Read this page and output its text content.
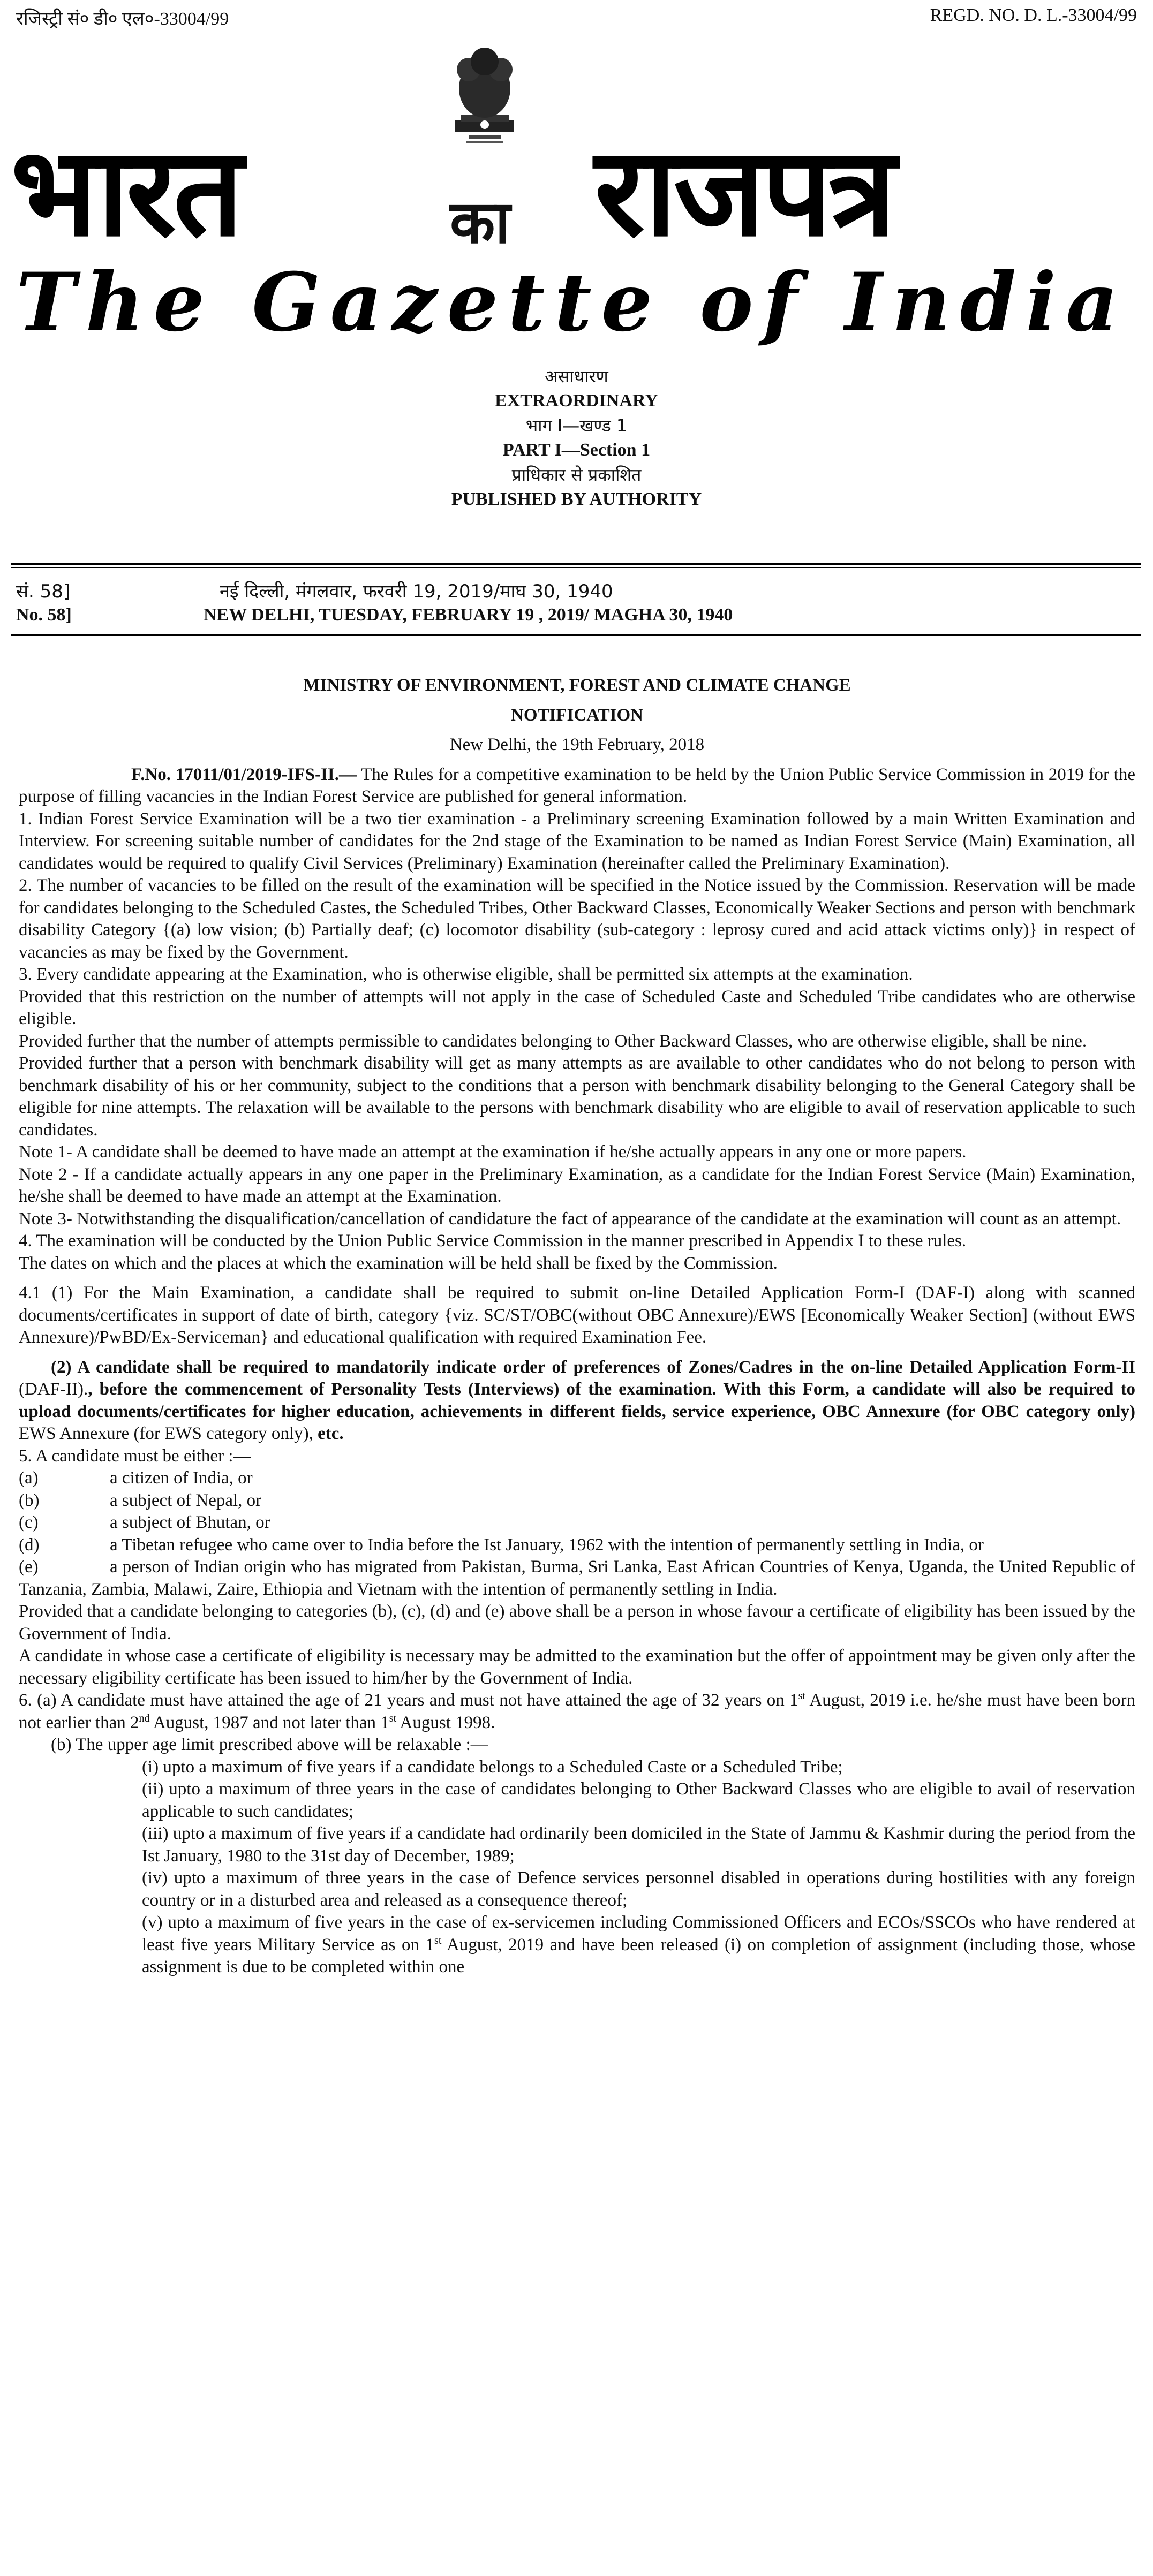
रजिस्ट्री सं० डी० एल०-33004/99	REGD. NO. D. L.-33004/99
भारत	का राजपत्र
The Gazette of India
असाधारण
EXTRAORDINARY
भाग I—खण्ड 1
PART I—Section 1
प्राधिकार से प्रकाशित
PUBLISHED BY AUTHORITY
सं. 58]	नई दिल्ली, मंगलवार, फरवरी 19, 2019/माघ 30, 1940
No. 58]	NEW DELHI, TUESDAY, FEBRUARY 19 , 2019/ MAGHA 30, 1940

MINISTRY OF ENVIRONMENT, FOREST AND CLIMATE CHANGE

NOTIFICATION

New Delhi, the 19th February, 2018

F.No. 17011/01/2019-IFS-II.— The Rules for a competitive examination to be held by the Union Public Service Commission in 2019 for the purpose of filling vacancies in the Indian Forest Service are published for general information.

1. Indian Forest Service Examination will be a two tier examination - a Preliminary screening Examination followed by a main Written Examination and Interview. For screening suitable number of candidates for the 2nd stage of the Examination to be named as Indian Forest Service (Main) Examination, all candidates would be required to qualify Civil Services (Preliminary) Examination (hereinafter called the Preliminary Examination).

2. The number of vacancies to be filled on the result of the examination will be specified in the Notice issued by the Commission. Reservation will be made for candidates belonging to the Scheduled Castes, the Scheduled Tribes, Other Backward Classes, Economically Weaker Sections and person with benchmark disability Category {(a) low vision; (b) Partially deaf; (c) locomotor disability (sub-category : leprosy cured and acid attack victims only)} in respect of vacancies as may be fixed by the Government.

3. Every candidate appearing at the Examination, who is otherwise eligible, shall be permitted six attempts at the examination.

Provided that this restriction on the number of attempts will not apply in the case of Scheduled Caste and Scheduled Tribe candidates who are otherwise eligible.

Provided further that the number of attempts permissible to candidates belonging to Other Backward Classes, who are otherwise eligible, shall be nine.

Provided further that a person with benchmark disability will get as many attempts as are available to other candidates who do not belong to person with benchmark disability of his or her community, subject to the conditions that a person with benchmark disability belonging to the General Category shall be eligible for nine attempts. The relaxation will be available to the persons with benchmark disability who are eligible to avail of reservation applicable to such candidates.

Note 1- A candidate shall be deemed to have made an attempt at the examination if he/she actually appears in any one or more papers.

Note 2 - If a candidate actually appears in any one paper in the Preliminary Examination, as a candidate for the Indian Forest Service (Main) Examination, he/she shall be deemed to have made an attempt at the Examination.

Note 3- Notwithstanding the disqualification/cancellation of candidature the fact of appearance of the candidate at the examination will count as an attempt.

4. The examination will be conducted by the Union Public Service Commission in the manner prescribed in Appendix I to these rules.

The dates on which and the places at which the examination will be held shall be fixed by the Commission.

4.1 (1) For the Main Examination, a candidate shall be required to submit on-line Detailed Application Form-I (DAF-I) along with scanned documents/certificates in support of date of birth, category {viz. SC/ST/OBC(without OBC Annexure)/EWS [Economically Weaker Section] (without EWS Annexure)/PwBD/Ex-Serviceman} and educational qualification with required Examination Fee.

(2) A candidate shall be required to mandatorily indicate order of preferences of Zones/Cadres in the on-line Detailed Application Form-II (DAF-II)., before the commencement of Personality Tests (Interviews) of the examination. With this Form, a candidate will also be required to upload documents/certificates for higher education, achievements in different fields, service experience, OBC Annexure (for OBC category only) EWS Annexure (for EWS category only), etc.

5. A candidate must be either :—

(a)	a citizen of India, or
(b)	a subject of Nepal, or
(c)	a subject of Bhutan, or

(d)	a Tibetan refugee who came over to India before the Ist January, 1962 with the intention of permanently settling in India, or

(e)	a person of Indian origin who has migrated from Pakistan, Burma, Sri Lanka, East African Countries of Kenya, Uganda, the United Republic of Tanzania, Zambia, Malawi, Zaire, Ethiopia and Vietnam with the intention of permanently settling in India.

Provided that a candidate belonging to categories (b), (c), (d) and (e) above shall be a person in whose favour a certificate of eligibility has been issued by the Government of India.

A candidate in whose case a certificate of eligibility is necessary may be admitted to the examination but the offer of appointment may be given only after the necessary eligibility certificate has been issued to him/her by the Government of India.

6. (a) A candidate must have attained the age of 21 years and must not have attained the age of 32 years on 1st August, 2019 i.e. he/she must have been born not earlier than 2nd August, 1987 and not later than 1st August 1998.

(b) The upper age limit prescribed above will be relaxable :—

(i) upto a maximum of five years if a candidate belongs to a Scheduled Caste or a Scheduled Tribe;

(ii) upto a maximum of three years in the case of candidates belonging to Other Backward Classes who are eligible to avail of reservation applicable to such candidates;

(iii) upto a maximum of five years if a candidate had ordinarily been domiciled in the State of Jammu & Kashmir during the period from the Ist January, 1980 to the 31st day of December, 1989;

(iv) upto a maximum of three years in the case of Defence services personnel disabled in operations during hostilities with any foreign country or in a disturbed area and released as a consequence thereof;

(v) upto a maximum of five years in the case of ex-servicemen including Commissioned Officers and ECOs/SSCOs who have rendered at least five years Military Service as on 1st August, 2019 and have been released (i) on completion of assignment (including those, whose assignment is due to be completed within one
